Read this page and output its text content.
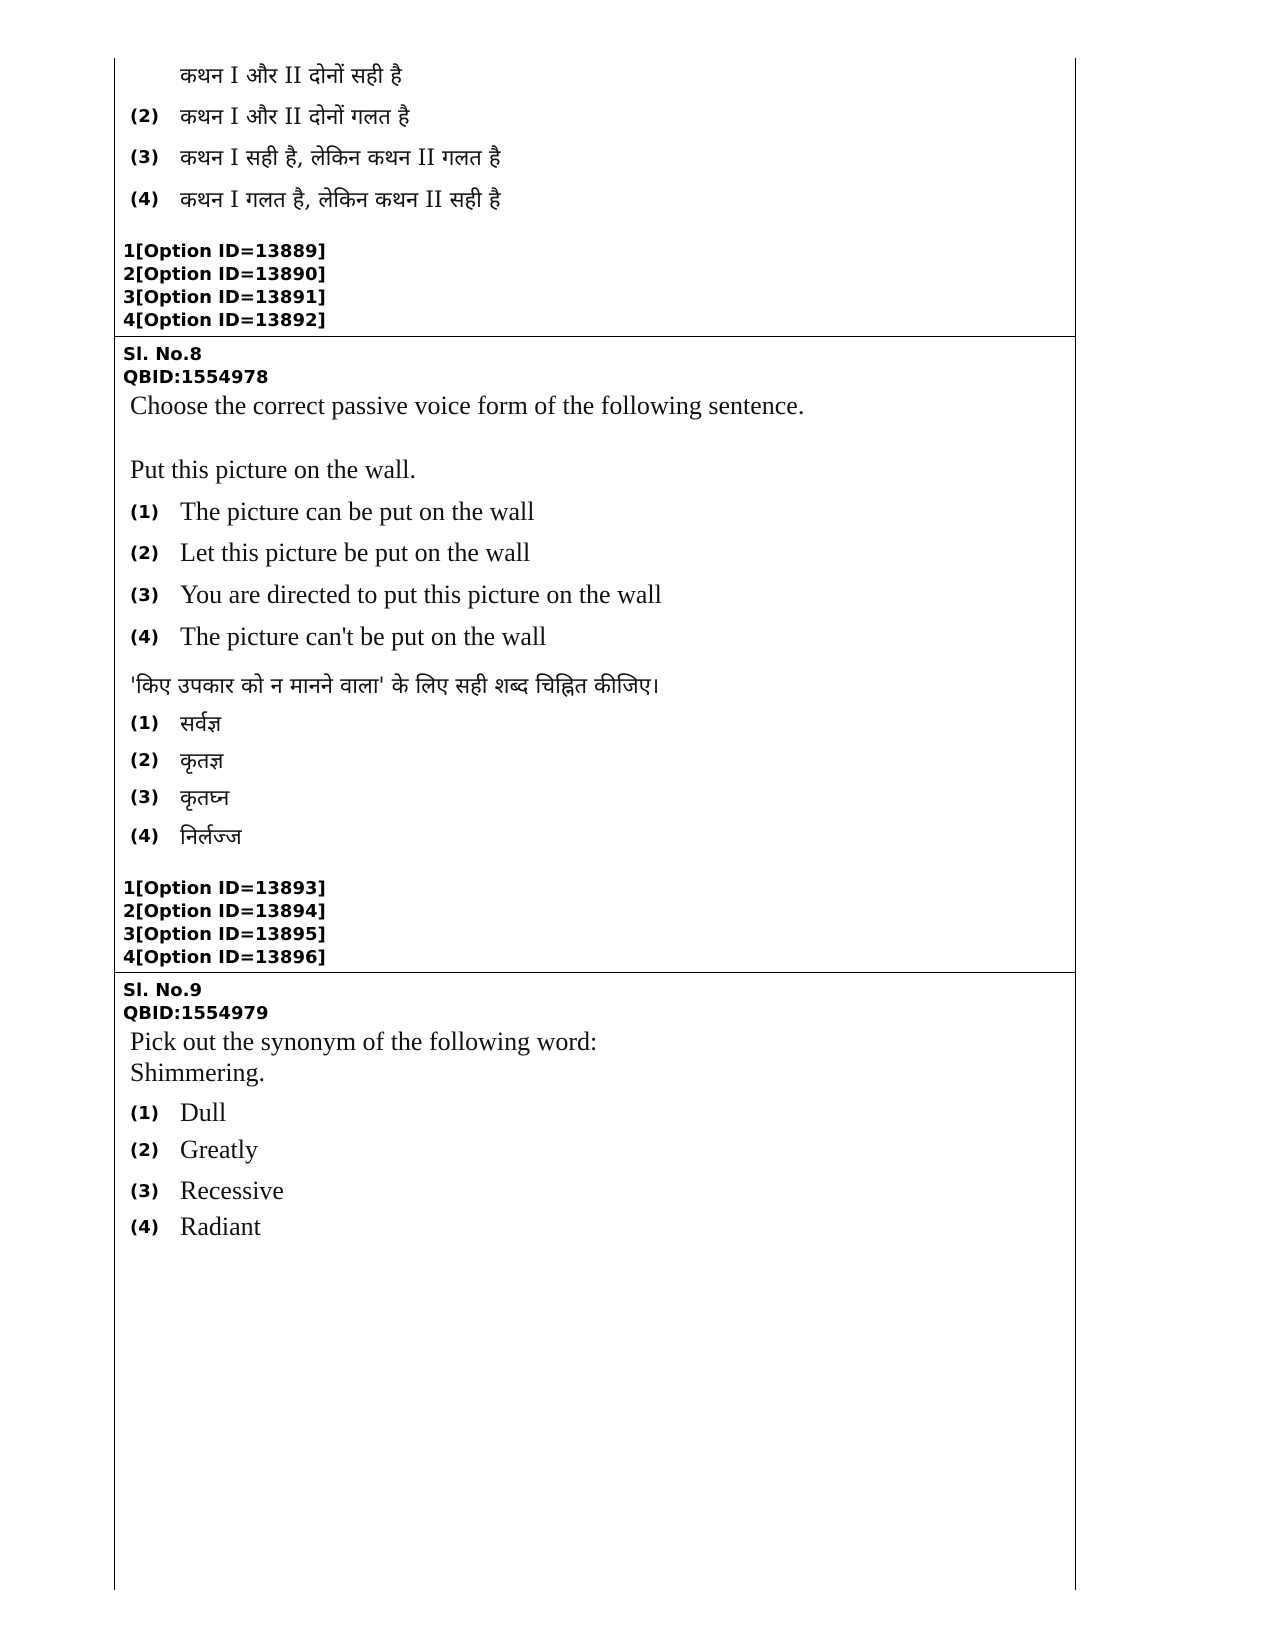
कथन I और II दोनों सही है
(2) कथन I और II दोनों गलत है
(3) कथन I सही है, लेकिन कथन II गलत है
(4) कथन I गलत है, लेकिन कथन II सही है
1[Option ID=13889]
2[Option ID=13890]
3[Option ID=13891]
4[Option ID=13892]
Sl. No.8
QBID:1554978
Choose the correct passive voice form of the following sentence.
Put this picture on the wall.
(1) The picture can be put on the wall
(2) Let this picture be put on the wall
(3) You are directed to put this picture on the wall
(4) The picture can't be put on the wall
'किए उपकार को न मानने वाला' के लिए सही शब्द चिह्नित कीजिए।
(1) सर्वज्ञ
(2) कृतज्ञ
(3) कृतघ्न
(4) निर्लज्ज
1[Option ID=13893]
2[Option ID=13894]
3[Option ID=13895]
4[Option ID=13896]
Sl. No.9
QBID:1554979
Pick out the synonym of the following word:
Shimmering.
(1) Dull
(2) Greatly
(3) Recessive
(4) Radiant
